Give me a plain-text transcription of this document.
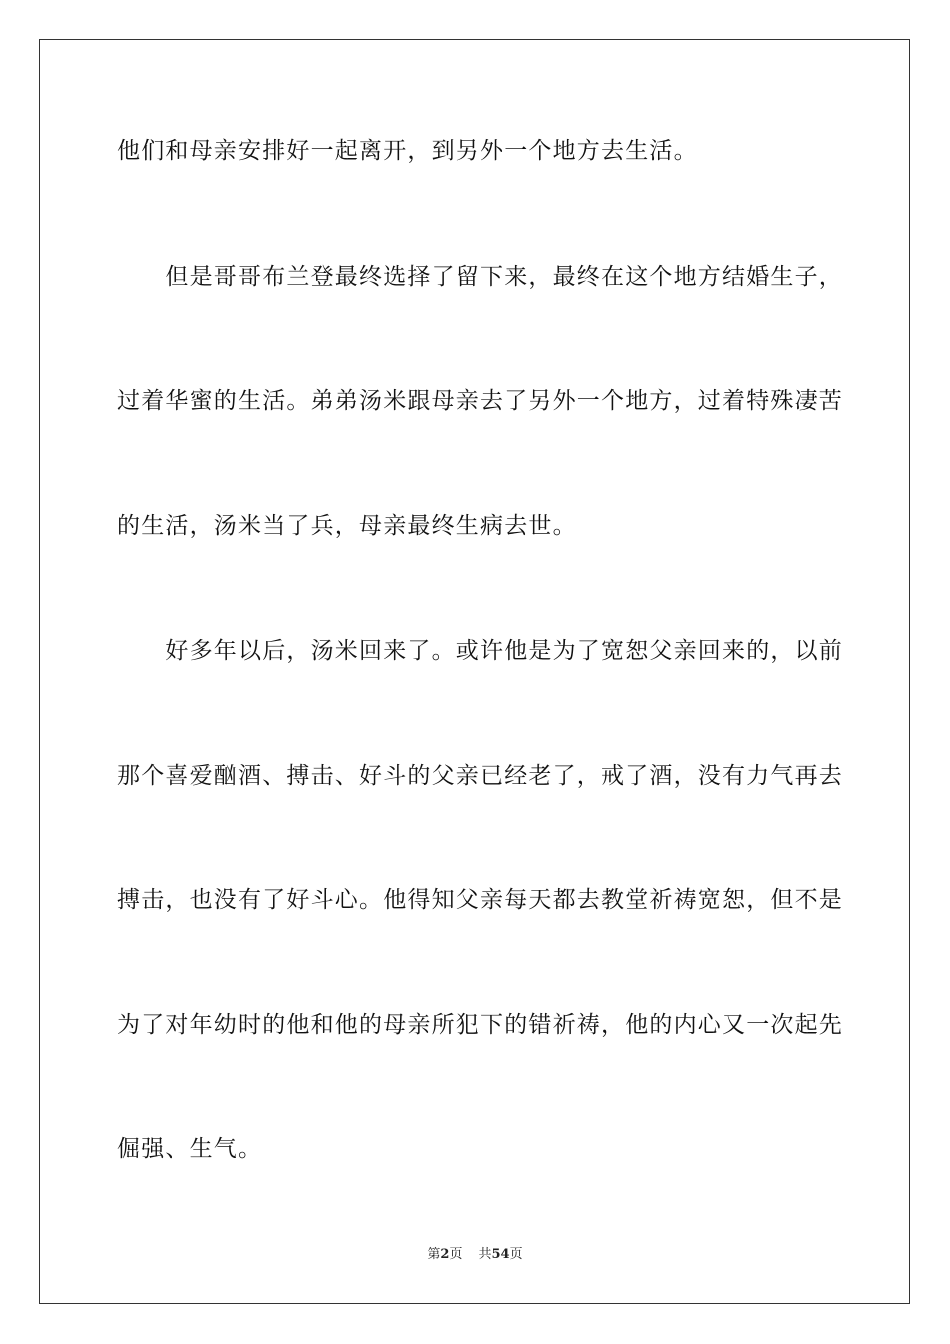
他们和母亲安排好一起离开，到另外一个地方去生活。
　　但是哥哥布兰登最终选择了留下来，最终在这个地方结婚生子，
过着华蜜的生活。弟弟汤米跟母亲去了另外一个地方，过着特殊凄苦
的生活，汤米当了兵，母亲最终生病去世。
　　好多年以后，汤米回来了。或许他是为了宽恕父亲回来的，以前
那个喜爱酗酒、搏击、好斗的父亲已经老了，戒了酒，没有力气再去
搏击，也没有了好斗心。他得知父亲每天都去教堂祈祷宽恕，但不是
为了对年幼时的他和他的母亲所犯下的错祈祷，他的内心又一次起先
倔强、生气。
第2页 共54页
